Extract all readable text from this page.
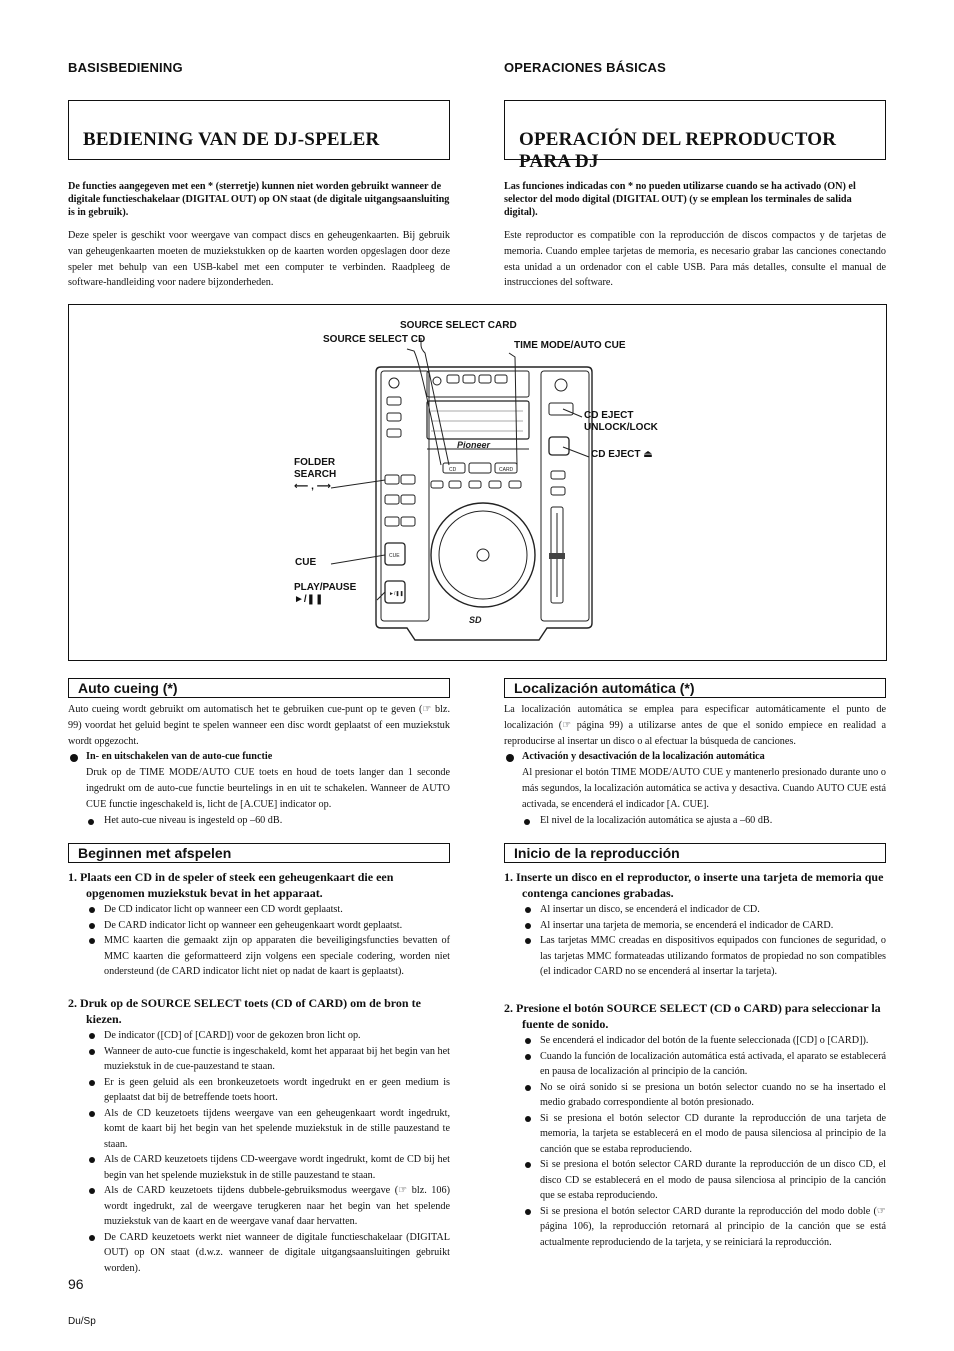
BASISBEDIENING	OPERACIONES BÁSICAS
BEDIENING VAN DE DJ-SPELER	OPERACIÓN DEL REPRODUCTOR PARA DJ
De functies aangegeven met een * (sterretje) kunnen niet worden gebruikt wanneer de digitale functieschakelaar (DIGITAL OUT) op ON staat (de digitale uitgangsaansluiting is in gebruik).
Deze speler is geschikt voor weergave van compact discs en geheugenkaarten. Bij gebruik van geheugenkaarten moeten de muziekstukken op de kaarten worden opgeslagen door deze speler met behulp van een USB-kabel met een computer te verbinden. Raadpleeg de software-handleiding voor nadere bijzonderheden.
Las funciones indicadas con * no pueden utilizarse cuando se ha activado (ON) el selector del modo digital (DIGITAL OUT) (y se emplean los terminales de salida digital).
Este reproductor es compatible con la reproducción de discos compactos y de tarjetas de memoria. Cuando emplee tarjetas de memoria, es necesario grabar las canciones conectando esta unidad a un ordenador con el cable USB. Para más detalles, consulte el manual de instrucciones del software.
Pioneer
CD	CARD
CUE
►/❚❚
SD
SOURCE SELECT CARD
SOURCE SELECT CD
TIME MODE/AUTO CUE
CD EJECT
UNLOCK/LOCK
CD EJECT ⏏
FOLDER
SEARCH
⟵ , ⟶
CUE
PLAY/PAUSE
►/❚❚
Auto cueing (*)
Auto cueing wordt gebruikt om automatisch het te gebruiken cue-punt op te geven (☞ blz. 99) voordat het geluid begint te spelen wanneer een disc wordt geplaatst of een muziekstuk wordt opgezocht.
In- en uitschakelen van de auto-cue functie
Druk op de TIME MODE/AUTO CUE toets en houd de toets langer dan 1 seconde ingedrukt om de auto-cue functie beurtelings in en uit te schakelen. Wanneer de AUTO CUE functie ingeschakeld is, licht de [A.CUE] indicator op.
Het auto-cue niveau is ingesteld op –60 dB.
Beginnen met afspelen
1. Plaats een CD in de speler of steek een geheugenkaart die een opgenomen muziekstuk bevat in het apparaat.
De CD indicator licht op wanneer een CD wordt geplaatst.
De CARD indicator licht op wanneer een geheugenkaart wordt geplaatst.
MMC kaarten die gemaakt zijn op apparaten die beveiligingsfuncties bevatten of MMC kaarten die geformatteerd zijn volgens een speciale codering, worden niet ondersteund (de CARD indicator licht niet op nadat de kaart is geplaatst).
2. Druk op de SOURCE SELECT toets (CD of CARD) om de bron te kiezen.
De indicator ([CD] of [CARD]) voor de gekozen bron licht op.
Wanneer de auto-cue functie is ingeschakeld, komt het apparaat bij het begin van het muziekstuk in de cue-pauzestand te staan.
Er is geen geluid als een bronkeuzetoets wordt ingedrukt en er geen medium is geplaatst dat bij de betreffende toets hoort.
Als de CD keuzetoets tijdens weergave van een geheugenkaart wordt ingedrukt, komt de kaart bij het begin van het spelende muziekstuk in de stille pauzestand te staan.
Als de CARD keuzetoets tijdens CD-weergave wordt ingedrukt, komt de CD bij het begin van het spelende muziekstuk in de stille pauzestand te staan.
Als de CARD keuzetoets tijdens dubbele-gebruiksmodus weergave (☞ blz. 106) wordt ingedrukt, zal de weergave terugkeren naar het begin van het spelende muziekstuk van de kaart en de weergave vanaf daar hervatten.
De CARD keuzetoets werkt niet wanneer de digitale functieschakelaar (DIGITAL OUT) op ON staat (d.w.z. wanneer de digitale uitgangsaansluitingen gebruikt worden).
Localización automática (*)
La localización automática se emplea para especificar automáticamente el punto de localización (☞ página 99) a utilizarse antes de que el sonido empiece en realidad a reproducirse al insertar un disco o al efectuar la búsqueda de canciones.
Activación y desactivación de la localización automática
Al presionar el botón TIME MODE/AUTO CUE y mantenerlo presionado durante uno o más segundos, la localización automática se activa y desactiva. Cuando AUTO CUE está activada, se encenderá el indicador [A. CUE].
El nivel de la localización automática se ajusta a –60 dB.
Inicio de la reproducción
1. Inserte un disco en el reproductor, o inserte una tarjeta de memoria que contenga canciones grabadas.
Al insertar un disco, se encenderá el indicador de CD.
Al insertar una tarjeta de memoria, se encenderá el indicador de CARD.
Las tarjetas MMC creadas en dispositivos equipados con funciones de seguridad, o las tarjetas MMC formateadas utilizando formatos de propiedad no son compatibles (el indicador CARD no se encenderá al insertar la tarjeta).
2. Presione el botón SOURCE SELECT (CD o CARD) para seleccionar la fuente de sonido.
Se encenderá el indicador del botón de la fuente seleccionada ([CD] o [CARD]).
Cuando la función de localización automática está activada, el aparato se establecerá en pausa de localización al principio de la canción.
No se oirá sonido si se presiona un botón selector cuando no se ha insertado el medio grabado correspondiente al botón presionado.
Si se presiona el botón selector CD durante la reproducción de una tarjeta de memoria, la tarjeta se establecerá en el modo de pausa silenciosa al principio de la canción que se estaba reproduciendo.
Si se presiona el botón selector CARD durante la reproducción de un disco CD, el disco CD se establecerá en el modo de pausa silenciosa al principio de la canción que se estaba reproduciendo.
Si se presiona el botón selector CARD durante la reproducción del modo doble (☞ página 106), la reproducción retornará al principio de la canción que se está actualmente reproduciendo de la tarjeta, y se reiniciará la reproducción.
96
Du/Sp
